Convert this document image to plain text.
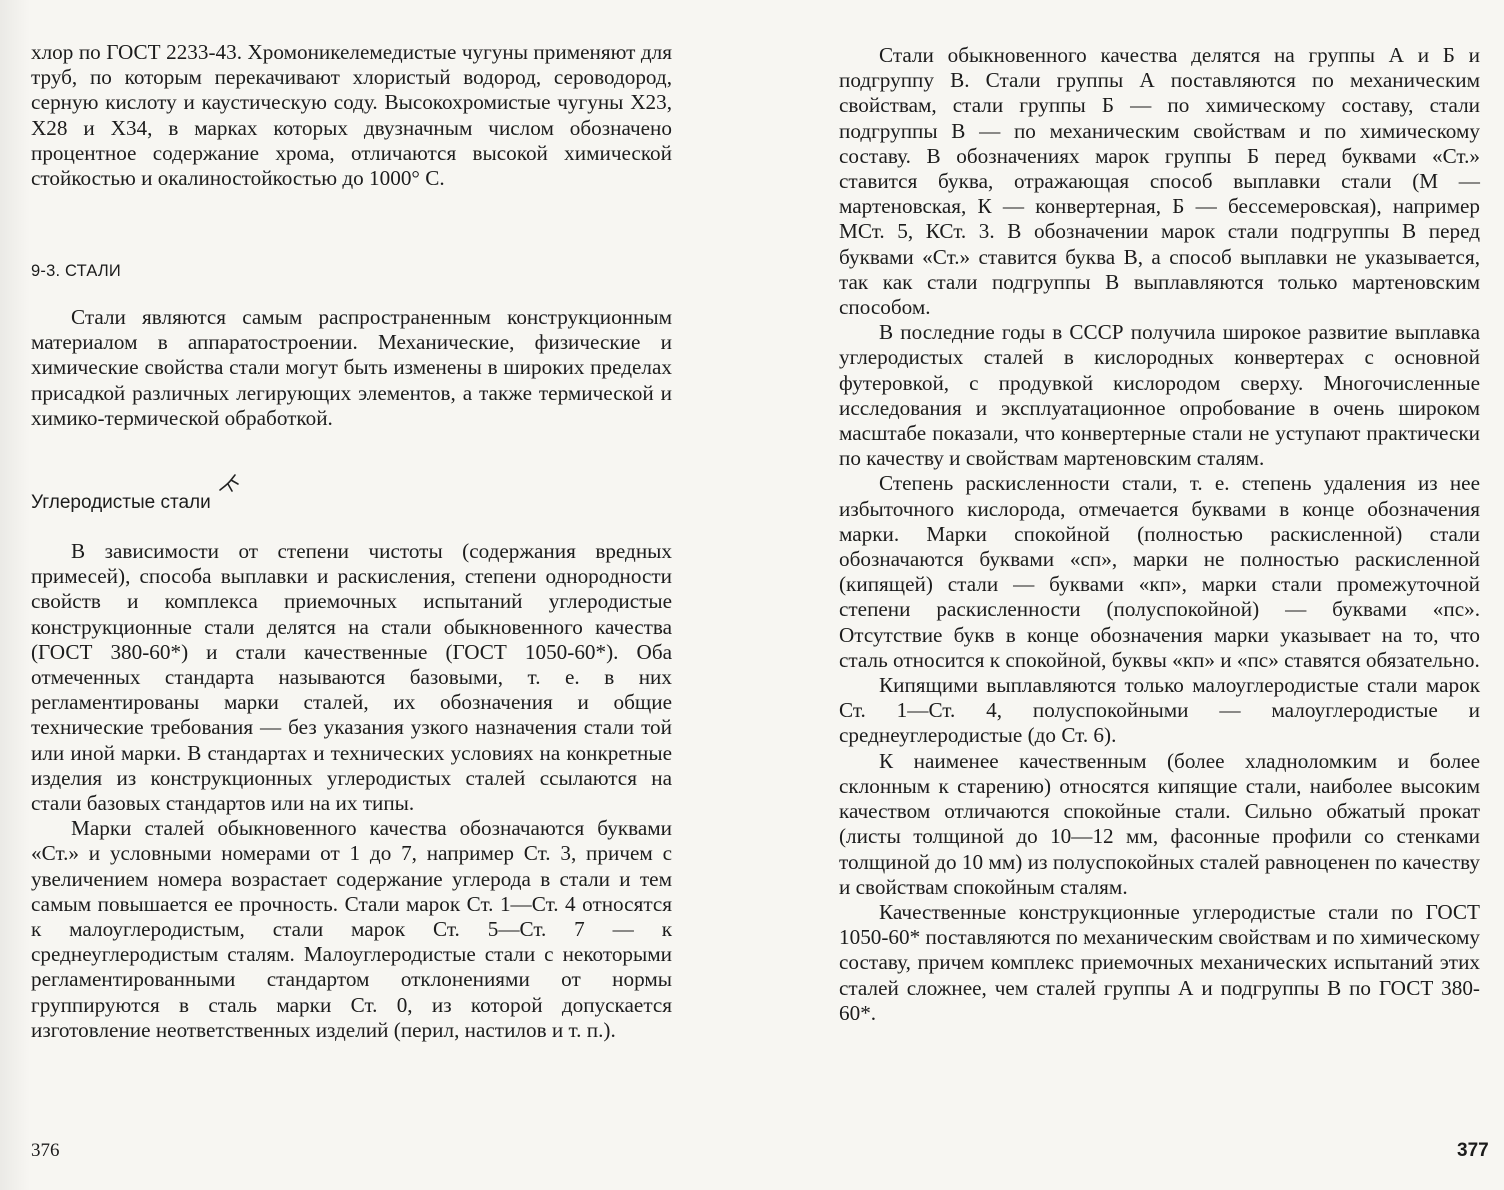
хлор по ГОСТ 2233-43. Хромоникелемедистые чугуны применяют для труб, по которым перекачивают хлористый водород, сероводород, серную кислоту и каустическую соду. Высокохромистые чугуны Х23, Х28 и Х34, в марках которых двузначным числом обозначено процентное содержание хрома, отличаются высокой химической стойкостью и окалиностойкостью до 1000° С.

9-3. СТАЛИ

Стали являются самым распространенным конструкционным материалом в аппаратостроении. Механические, физические и химические свойства стали могут быть изменены в широких пределах присадкой различных легирующих элементов, а также термической и химико-термической обработкой.

Углеродистые стали

В зависимости от степени чистоты (содержания вредных примесей), способа выплавки и раскисления, степени однородности свойств и комплекса приемочных испытаний углеродистые конструкционные стали делятся на стали обыкновенного качества (ГОСТ 380-60*) и стали качественные (ГОСТ 1050-60*). Оба отмеченных стандарта называются базовыми, т. е. в них регламентированы марки сталей, их обозначения и общие технические требования — без указания узкого назначения стали той или иной марки. В стандартах и технических условиях на конкретные изделия из конструкционных углеродистых сталей ссылаются на стали базовых стандартов или на их типы.

Марки сталей обыкновенного качества обозначаются буквами «Ст.» и условными номерами от 1 до 7, например Ст. 3, причем с увеличением номера возрастает содержание углерода в стали и тем самым повышается ее прочность. Стали марок Ст. 1—Ст. 4 относятся к малоуглеродистым, стали марок Ст. 5—Ст. 7 — к среднеуглеродистым сталям. Малоуглеродистые стали с некоторыми регламентированными стандартом отклонениями от нормы группируются в сталь марки Ст. 0, из которой допускается изготовление неответственных изделий (перил, настилов и т. п.).

376

Стали обыкновенного качества делятся на группы А и Б и подгруппу В. Стали группы А поставляются по механическим свойствам, стали группы Б — по химическому составу, стали подгруппы В — по механическим свойствам и по химическому составу. В обозначениях марок группы Б перед буквами «Ст.» ставится буква, отражающая способ выплавки стали (М — мартеновская, К — конвертерная, Б — бессемеровская), например МСт. 5, КСт. 3. В обозначении марок стали подгруппы В перед буквами «Ст.» ставится буква В, а способ выплавки не указывается, так как стали подгруппы В выплавляются только мартеновским способом.

В последние годы в СССР получила широкое развитие выплавка углеродистых сталей в кислородных конвертерах с основной футеровкой, с продувкой кислородом сверху. Многочисленные исследования и эксплуатационное опробование в очень широком масштабе показали, что конвертерные стали не уступают практически по качеству и свойствам мартеновским сталям.

Степень раскисленности стали, т. е. степень удаления из нее избыточного кислорода, отмечается буквами в конце обозначения марки. Марки спокойной (полностью раскисленной) стали обозначаются буквами «сп», марки не полностью раскисленной (кипящей) стали — буквами «кп», марки стали промежуточной степени раскисленности (полуспокойной) — буквами «пс». Отсутствие букв в конце обозначения марки указывает на то, что сталь относится к спокойной, буквы «кп» и «пс» ставятся обязательно.

Кипящими выплавляются только малоуглеродистые стали марок Ст. 1—Ст. 4, полуспокойными — малоуглеродистые и среднеуглеродистые (до Ст. 6).

К наименее качественным (более хладноломким и более склонным к старению) относятся кипящие стали, наиболее высоким качеством отличаются спокойные стали. Сильно обжатый прокат (листы толщиной до 10—12 мм, фасонные профили со стенками толщиной до 10 мм) из полуспокойных сталей равноценен по качеству и свойствам спокойным сталям.

Качественные конструкционные углеродистые стали по ГОСТ 1050-60* поставляются по механическим свойствам и по химическому составу, причем комплекс приемочных механических испытаний этих сталей сложнее, чем сталей группы А и подгруппы В по ГОСТ 380-60*.

377
